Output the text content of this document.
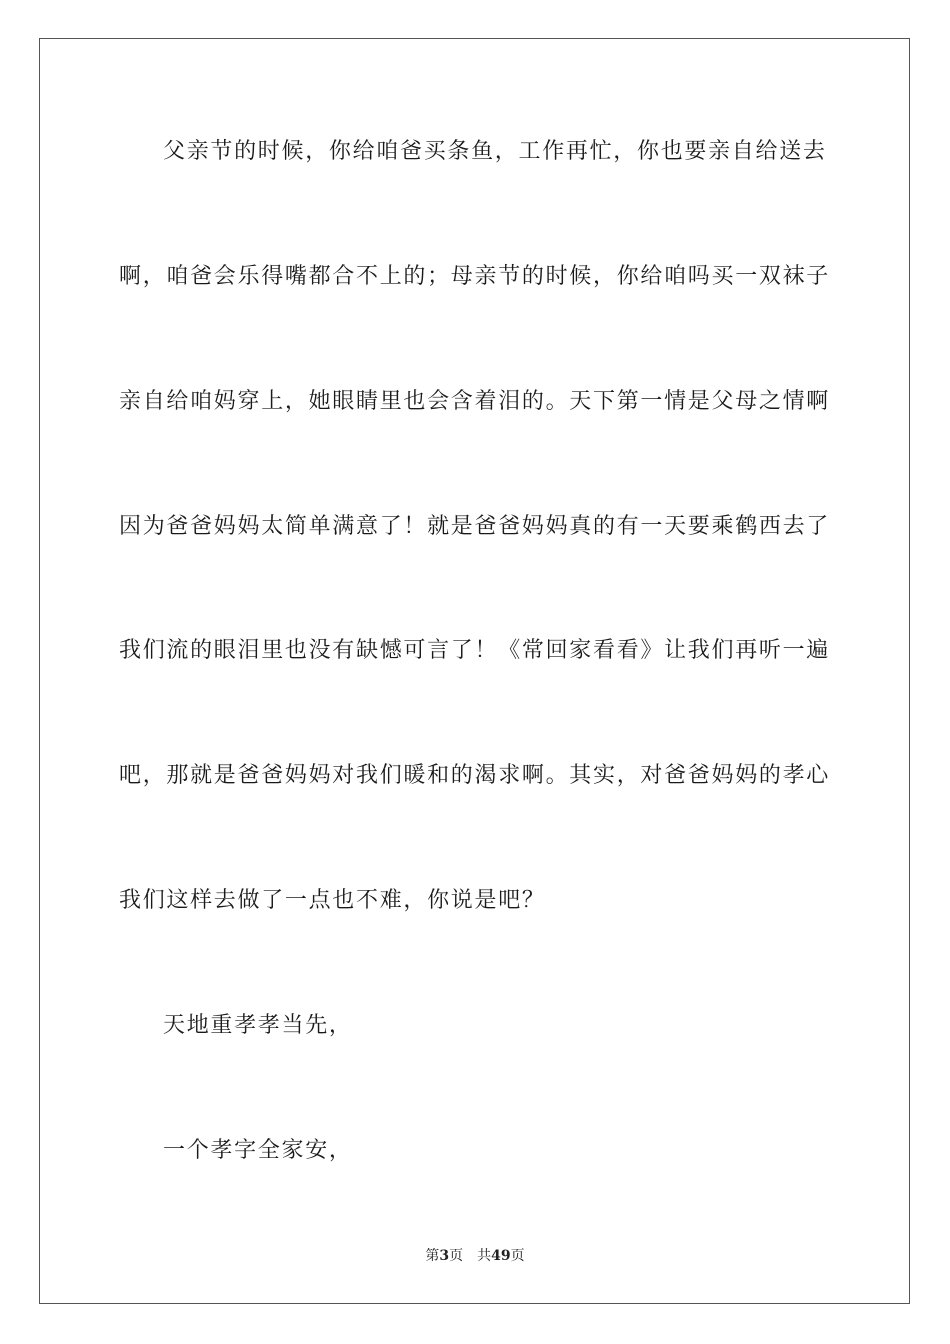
父亲节的时候，你给咱爸买条鱼，工作再忙，你也要亲自给送去
啊，咱爸会乐得嘴都合不上的；母亲节的时候，你给咱吗买一双袜子
亲自给咱妈穿上，她眼睛里也会含着泪的。天下第一情是父母之情啊
因为爸爸妈妈太简单满意了！就是爸爸妈妈真的有一天要乘鹤西去了
我们流的眼泪里也没有缺憾可言了！《常回家看看》让我们再听一遍
吧，那就是爸爸妈妈对我们暖和的渴求啊。其实，对爸爸妈妈的孝心
我们这样去做了一点也不难，你说是吧？
天地重孝孝当先，
一个孝字全家安，
第3页 共49页
